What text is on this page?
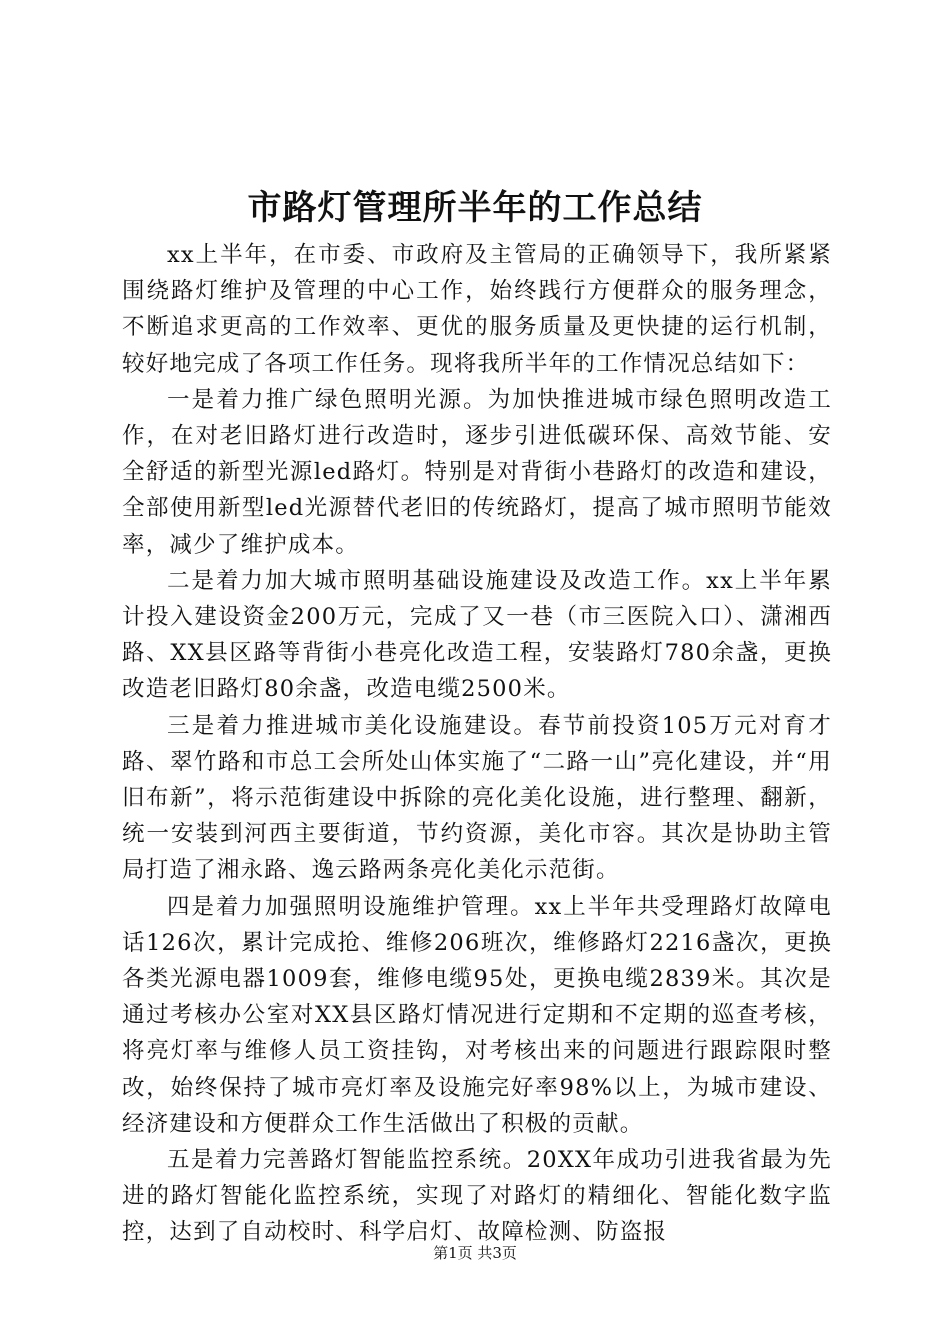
市路灯管理所半年的工作总结

xx上半年，在市委、市政府及主管局的正确领导下，我所紧紧围绕路灯维护及管理的中心工作，始终践行方便群众的服务理念，不断追求更高的工作效率、更优的服务质量及更快捷的运行机制，较好地完成了各项工作任务。现将我所半年的工作情况总结如下：

一是着力推广绿色照明光源。为加快推进城市绿色照明改造工作，在对老旧路灯进行改造时，逐步引进低碳环保、高效节能、安全舒适的新型光源led路灯。特别是对背街小巷路灯的改造和建设，全部使用新型led光源替代老旧的传统路灯，提高了城市照明节能效率，减少了维护成本。

二是着力加大城市照明基础设施建设及改造工作。xx上半年累计投入建设资金200万元，完成了又一巷（市三医院入口）、潇湘西路、XX县区路等背街小巷亮化改造工程，安装路灯780余盏，更换改造老旧路灯80余盏，改造电缆2500米。

三是着力推进城市美化设施建设。春节前投资105万元对育才路、翠竹路和市总工会所处山体实施了“二路一山”亮化建设，并“用旧布新”，将示范街建设中拆除的亮化美化设施，进行整理、翻新，统一安装到河西主要街道，节约资源，美化市容。其次是协助主管局打造了湘永路、逸云路两条亮化美化示范街。

四是着力加强照明设施维护管理。xx上半年共受理路灯故障电话126次，累计完成抢、维修206班次，维修路灯2216盏次，更换各类光源电器1009套，维修电缆95处，更换电缆2839米。其次是通过考核办公室对XX县区路灯情况进行定期和不定期的巡查考核，将亮灯率与维修人员工资挂钩，对考核出来的问题进行跟踪限时整改，始终保持了城市亮灯率及设施完好率98%以上，为城市建设、经济建设和方便群众工作生活做出了积极的贡献。

五是着力完善路灯智能监控系统。20XX年成功引进我省最为先进的路灯智能化监控系统，实现了对路灯的精细化、智能化数字监控，达到了自动校时、科学启灯、故障检测、防盗报

第1页 共3页
